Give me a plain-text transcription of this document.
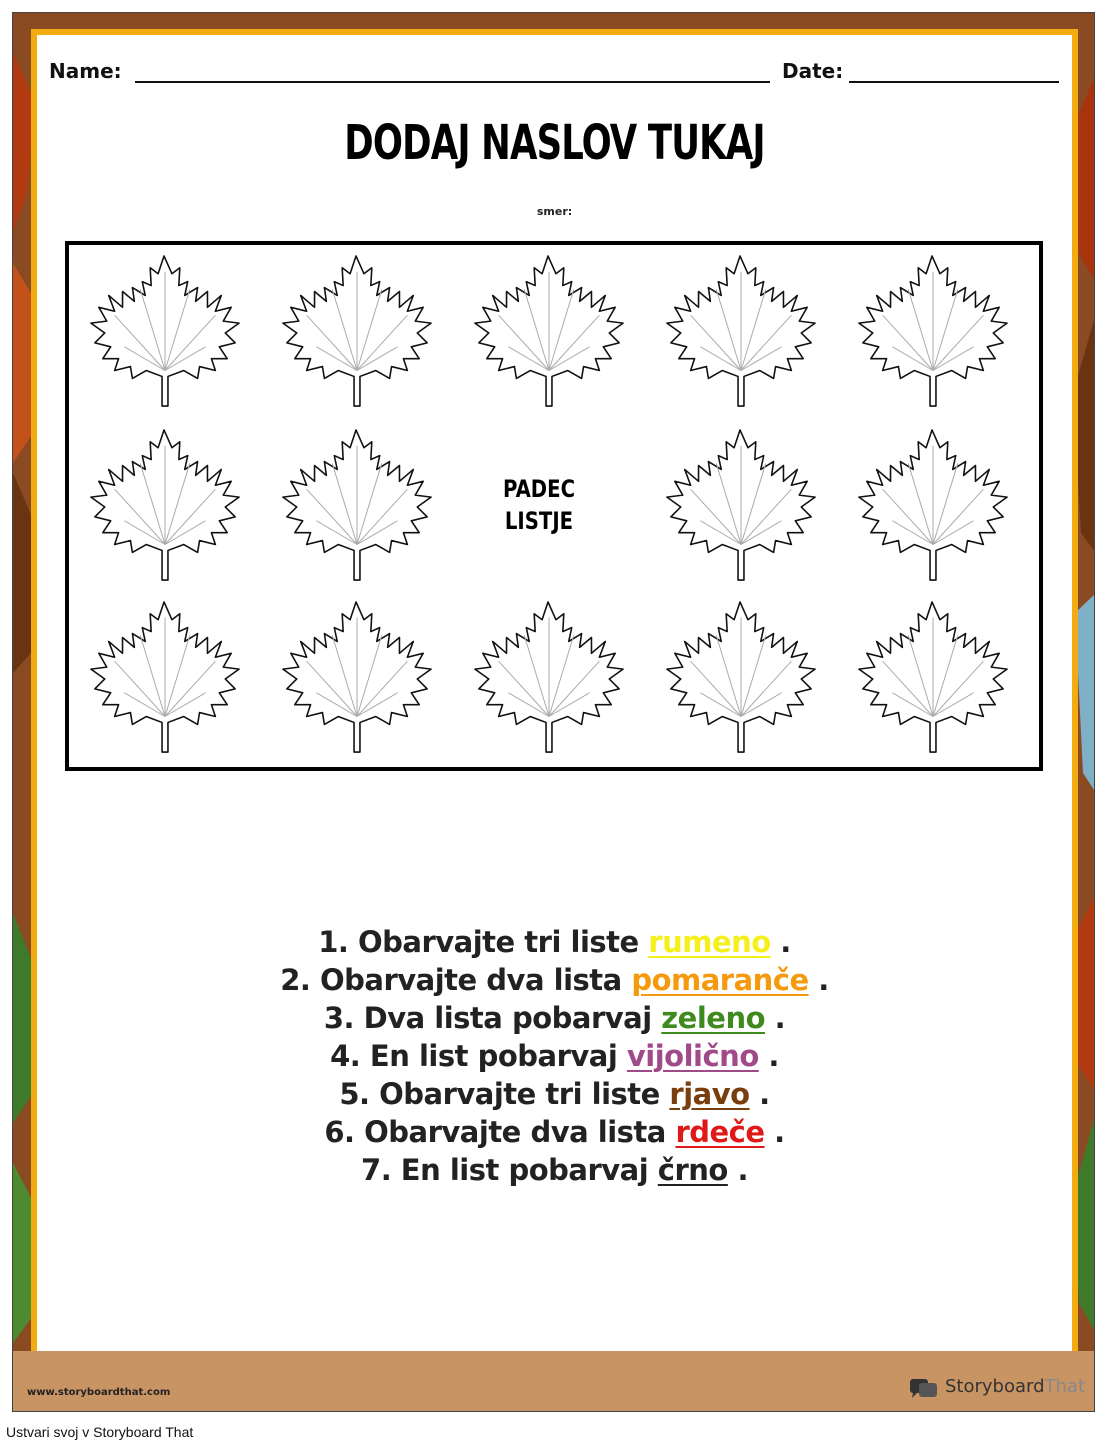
Name:	Date:
DODAJ NASLOV TUKAJ
smer:
PADEC
LISTJE
1. Obarvajte tri liste rumeno .
2. Obarvajte dva lista pomaranče .
3. Dva lista pobarvaj zeleno .
4. En list pobarvaj vijolično .
5. Obarvajte tri liste rjavo .
6. Obarvajte dva lista rdeče .
7. En list pobarvaj črno .
www.storyboardthat.com	StoryboardThat
Ustvari svoj v Storyboard That
